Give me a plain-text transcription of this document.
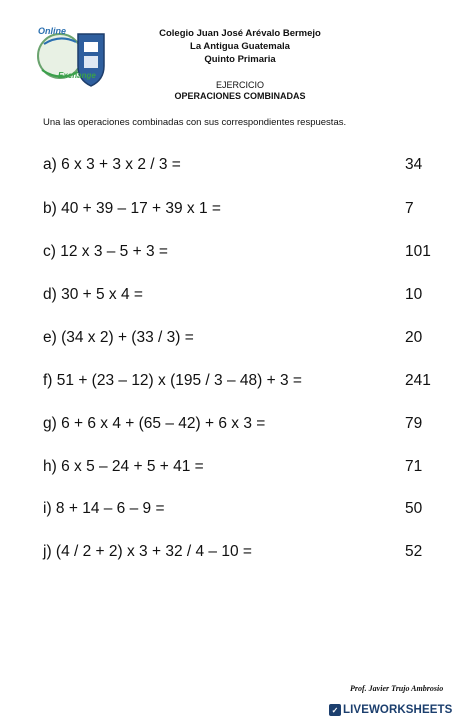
Online
Exchange
Colegio Juan José Arévalo Bermejo
La Antigua Guatemala
Quinto Primaria
EJERCICIO
OPERACIONES COMBINADAS
Una las operaciones combinadas con sus correspondientes respuestas.
a) 6 x 3 + 3 x 2 / 3 =	34
b) 40 + 39 – 17 + 39 x 1 =	7
c) 12 x 3 – 5 + 3 =	101
d) 30 + 5 x 4 =	10
e) (34 x 2) + (33 / 3) =	20
f) 51 + (23 – 12) x (195 / 3 – 48) + 3 =	241
g) 6 + 6 x 4 + (65 – 42) + 6 x 3 =	79
h) 6 x 5 – 24 + 5 + 41 =	71
i) 8 + 14 – 6 – 9 =	50
j) (4 / 2 + 2) x 3 + 32 / 4 – 10 =	52
Prof. Javier Trujo Ambrosio
✓ LIVEWORKSHEETS
